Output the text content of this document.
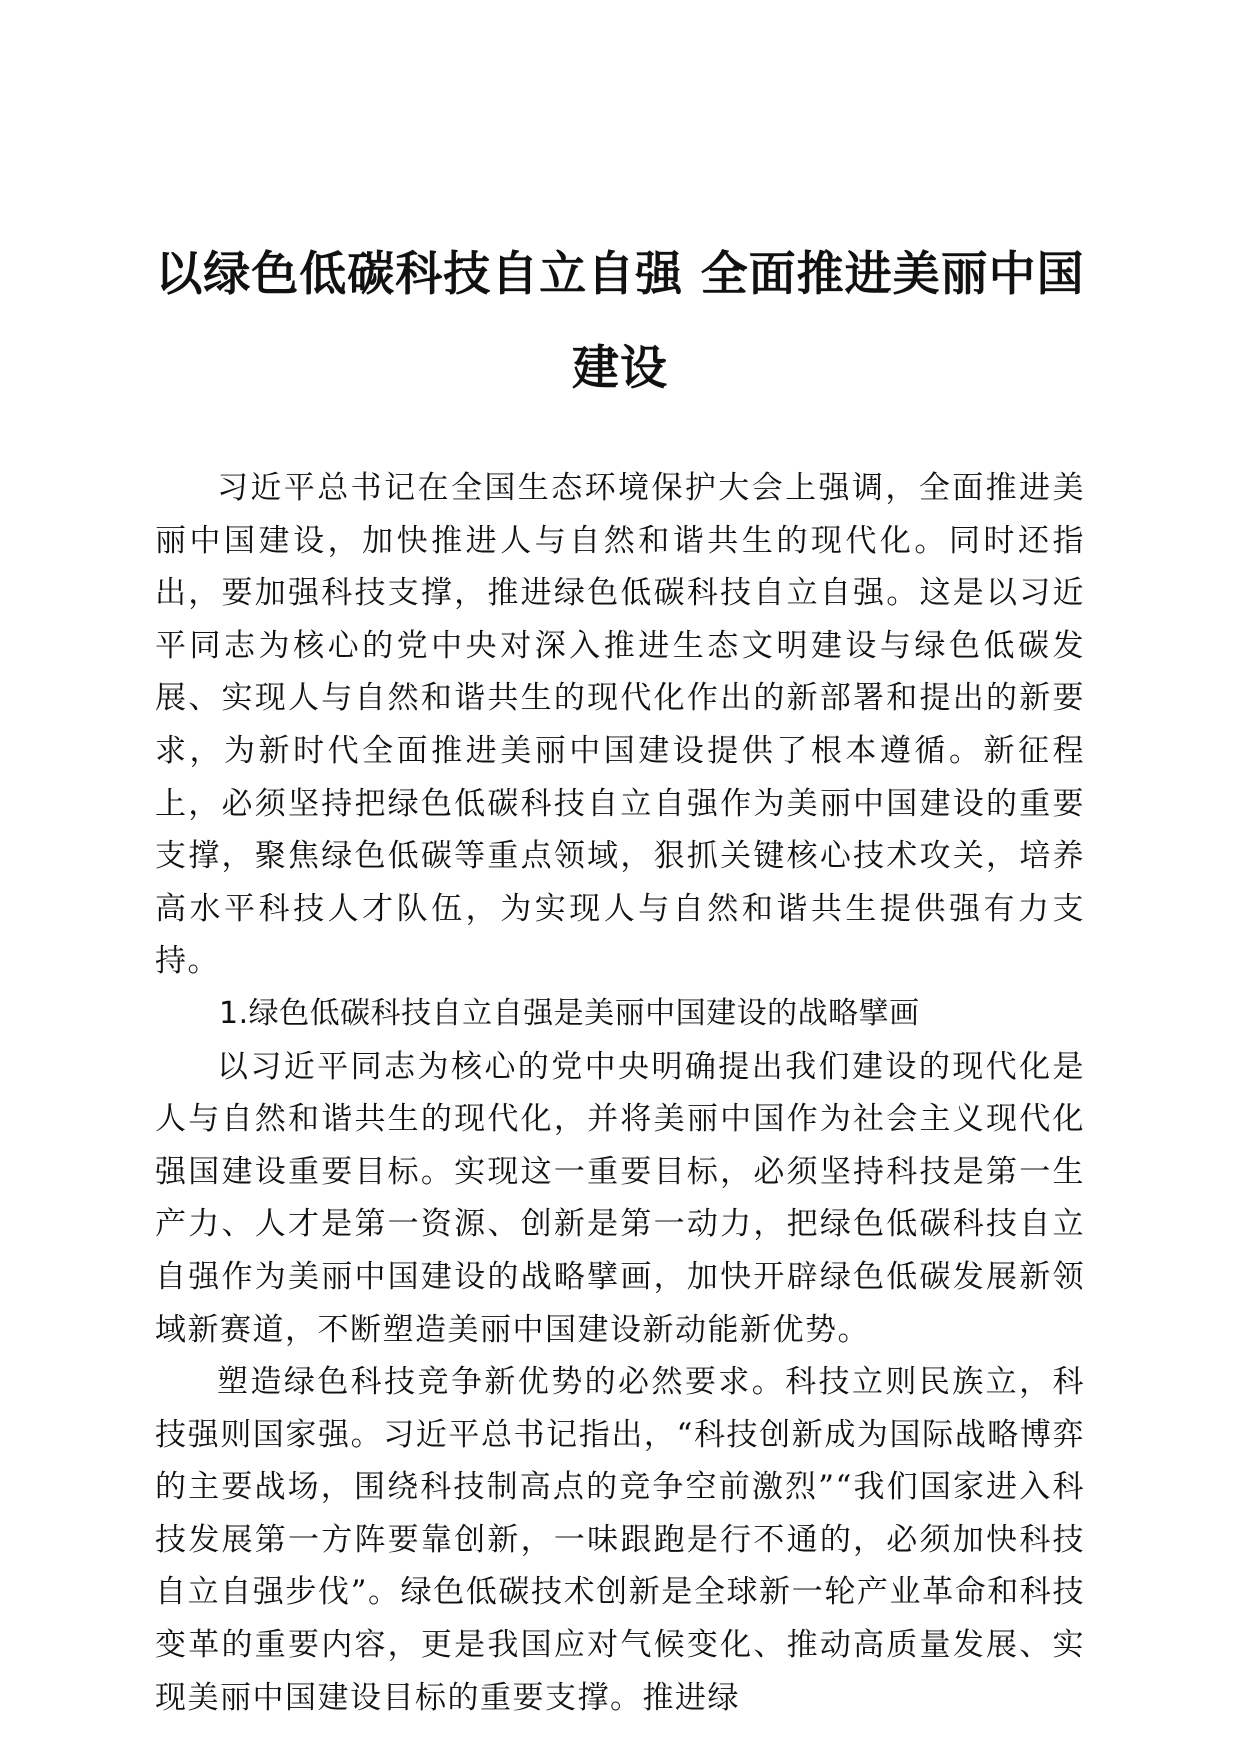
以绿色低碳科技自立自强 全面推进美丽中国建设

习近平总书记在全国生态环境保护大会上强调，全面推进美丽中国建设，加快推进人与自然和谐共生的现代化。同时还指出，要加强科技支撑，推进绿色低碳科技自立自强。这是以习近平同志为核心的党中央对深入推进生态文明建设与绿色低碳发展、实现人与自然和谐共生的现代化作出的新部署和提出的新要求，为新时代全面推进美丽中国建设提供了根本遵循。新征程上，必须坚持把绿色低碳科技自立自强作为美丽中国建设的重要支撑，聚焦绿色低碳等重点领域，狠抓关键核心技术攻关，培养高水平科技人才队伍，为实现人与自然和谐共生提供强有力支持。

1.绿色低碳科技自立自强是美丽中国建设的战略擘画

以习近平同志为核心的党中央明确提出我们建设的现代化是人与自然和谐共生的现代化，并将美丽中国作为社会主义现代化强国建设重要目标。实现这一重要目标，必须坚持科技是第一生产力、人才是第一资源、创新是第一动力，把绿色低碳科技自立自强作为美丽中国建设的战略擘画，加快开辟绿色低碳发展新领域新赛道，不断塑造美丽中国建设新动能新优势。

塑造绿色科技竞争新优势的必然要求。科技立则民族立，科技强则国家强。习近平总书记指出，“科技创新成为国际战略博弈的主要战场，围绕科技制高点的竞争空前激烈”“我们国家进入科技发展第一方阵要靠创新，一味跟跑是行不通的，必须加快科技自立自强步伐”。绿色低碳技术创新是全球新一轮产业革命和科技变革的重要内容，更是我国应对气候变化、推动高质量发展、实现美丽中国建设目标的重要支撑。推进绿
